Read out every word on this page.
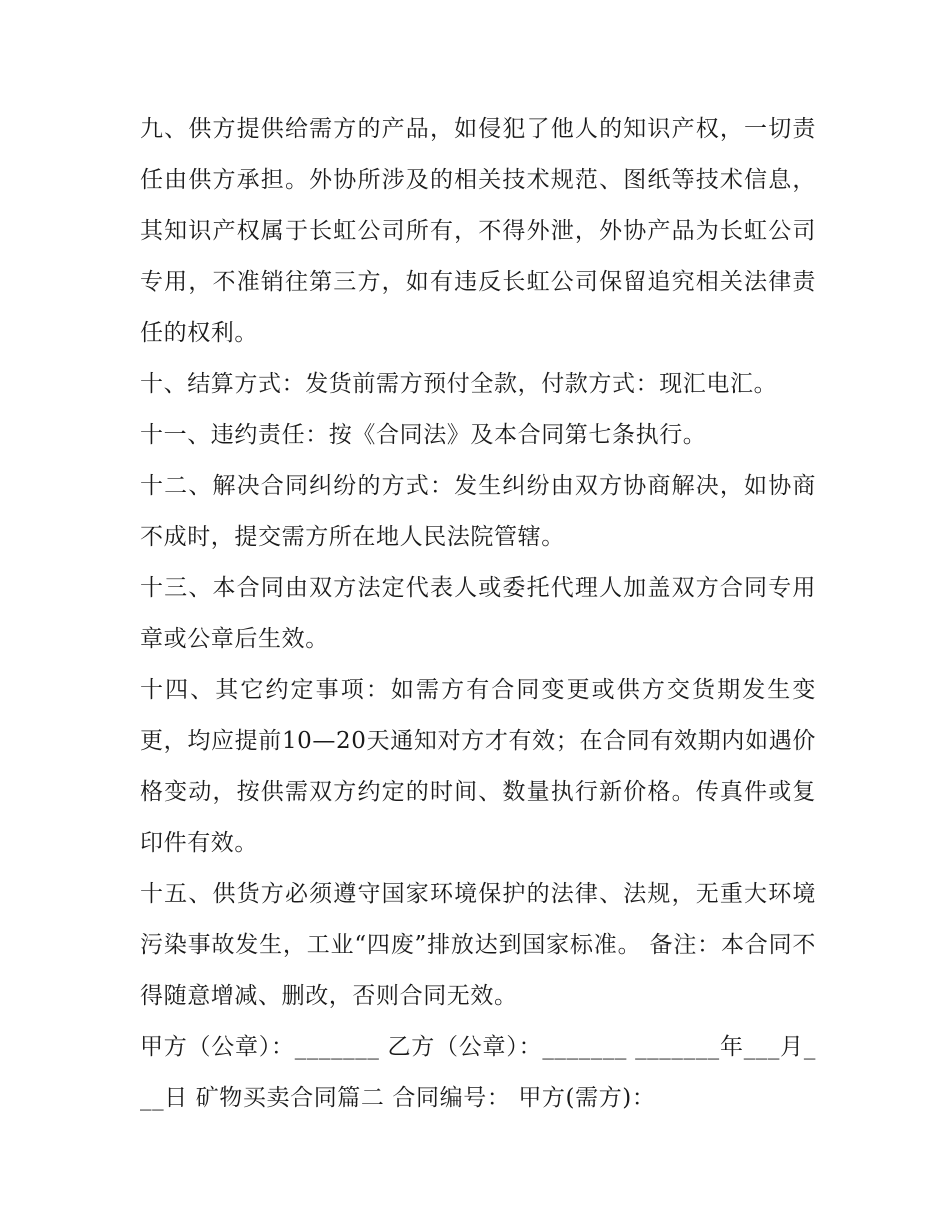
九、供方提供给需方的产品，如侵犯了他人的知识产权，一切责任由供方承担。外协所涉及的相关技术规范、图纸等技术信息，其知识产权属于长虹公司所有，不得外泄，外协产品为长虹公司专用，不准销往第三方，如有违反长虹公司保留追究相关法律责任的权利。

十、结算方式：发货前需方预付全款，付款方式：现汇电汇。

十一、违约责任：按《合同法》及本合同第七条执行。

十二、解决合同纠纷的方式：发生纠纷由双方协商解决，如协商不成时，提交需方所在地人民法院管辖。

十三、本合同由双方法定代表人或委托代理人加盖双方合同专用章或公章后生效。

十四、其它约定事项：如需方有合同变更或供方交货期发生变更，均应提前10—20天通知对方才有效；在合同有效期内如遇价格变动，按供需双方约定的时间、数量执行新价格。传真件或复印件有效。

十五、供货方必须遵守国家环境保护的法律、法规，无重大环境污染事故发生，工业“四废”排放达到国家标准。 备注：本合同不得随意增减、删改，否则合同无效。

甲方（公章）：_______ 乙方（公章）：_______ _______年___月___日 矿物买卖合同篇二 合同编号： 甲方(需方)：
